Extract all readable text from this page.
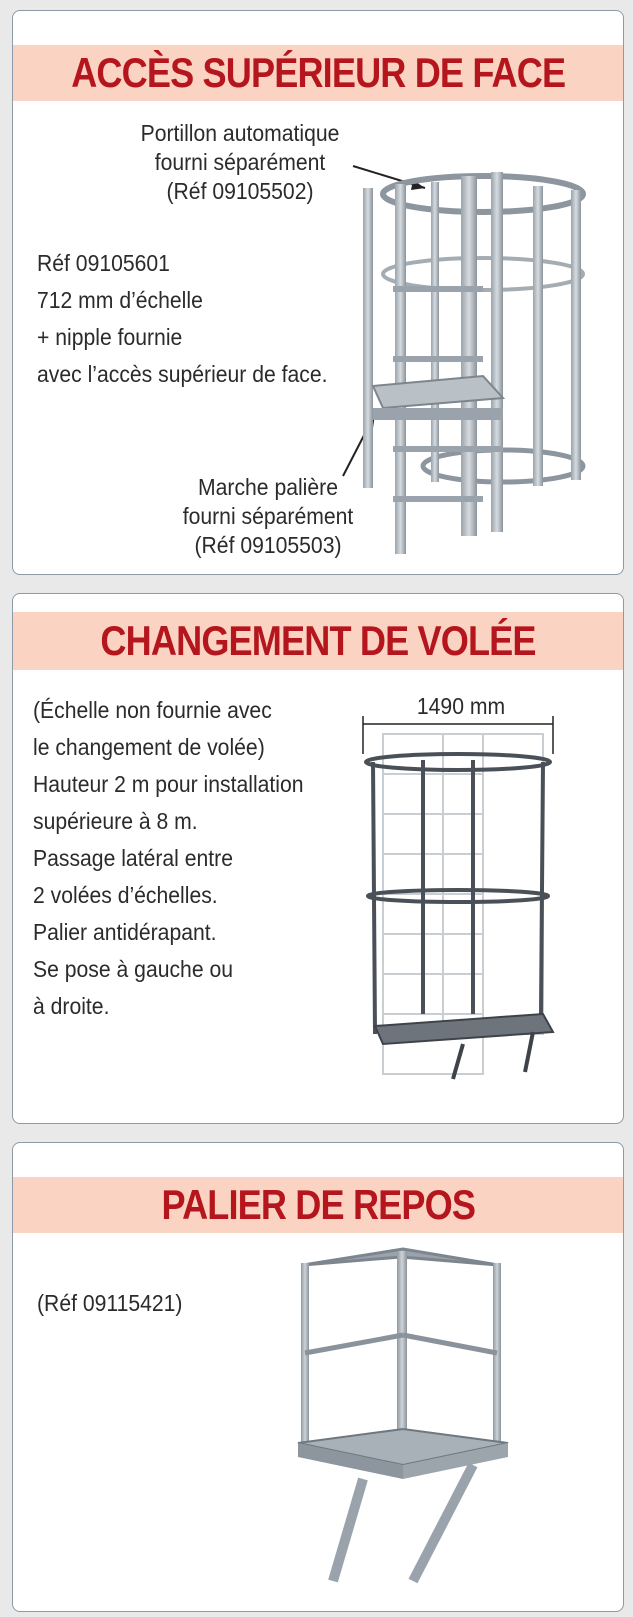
ACCÈS SUPÉRIEUR DE FACE
Portillon automatique
fourni séparément
(Réf 09105502)
Réf 09105601
712 mm d’échelle
+ nipple fournie
avec l’accès supérieur de face.
Marche palière
fourni séparément
(Réf 09105503)
CHANGEMENT DE VOLÉE
(Échelle non fournie avec
le changement de volée)
Hauteur 2 m pour installation
supérieure à 8 m.
Passage latéral entre
2 volées d’échelles.
Palier antidérapant.
Se pose à gauche ou
à droite.
1490 mm
PALIER DE REPOS
(Réf 09115421)
